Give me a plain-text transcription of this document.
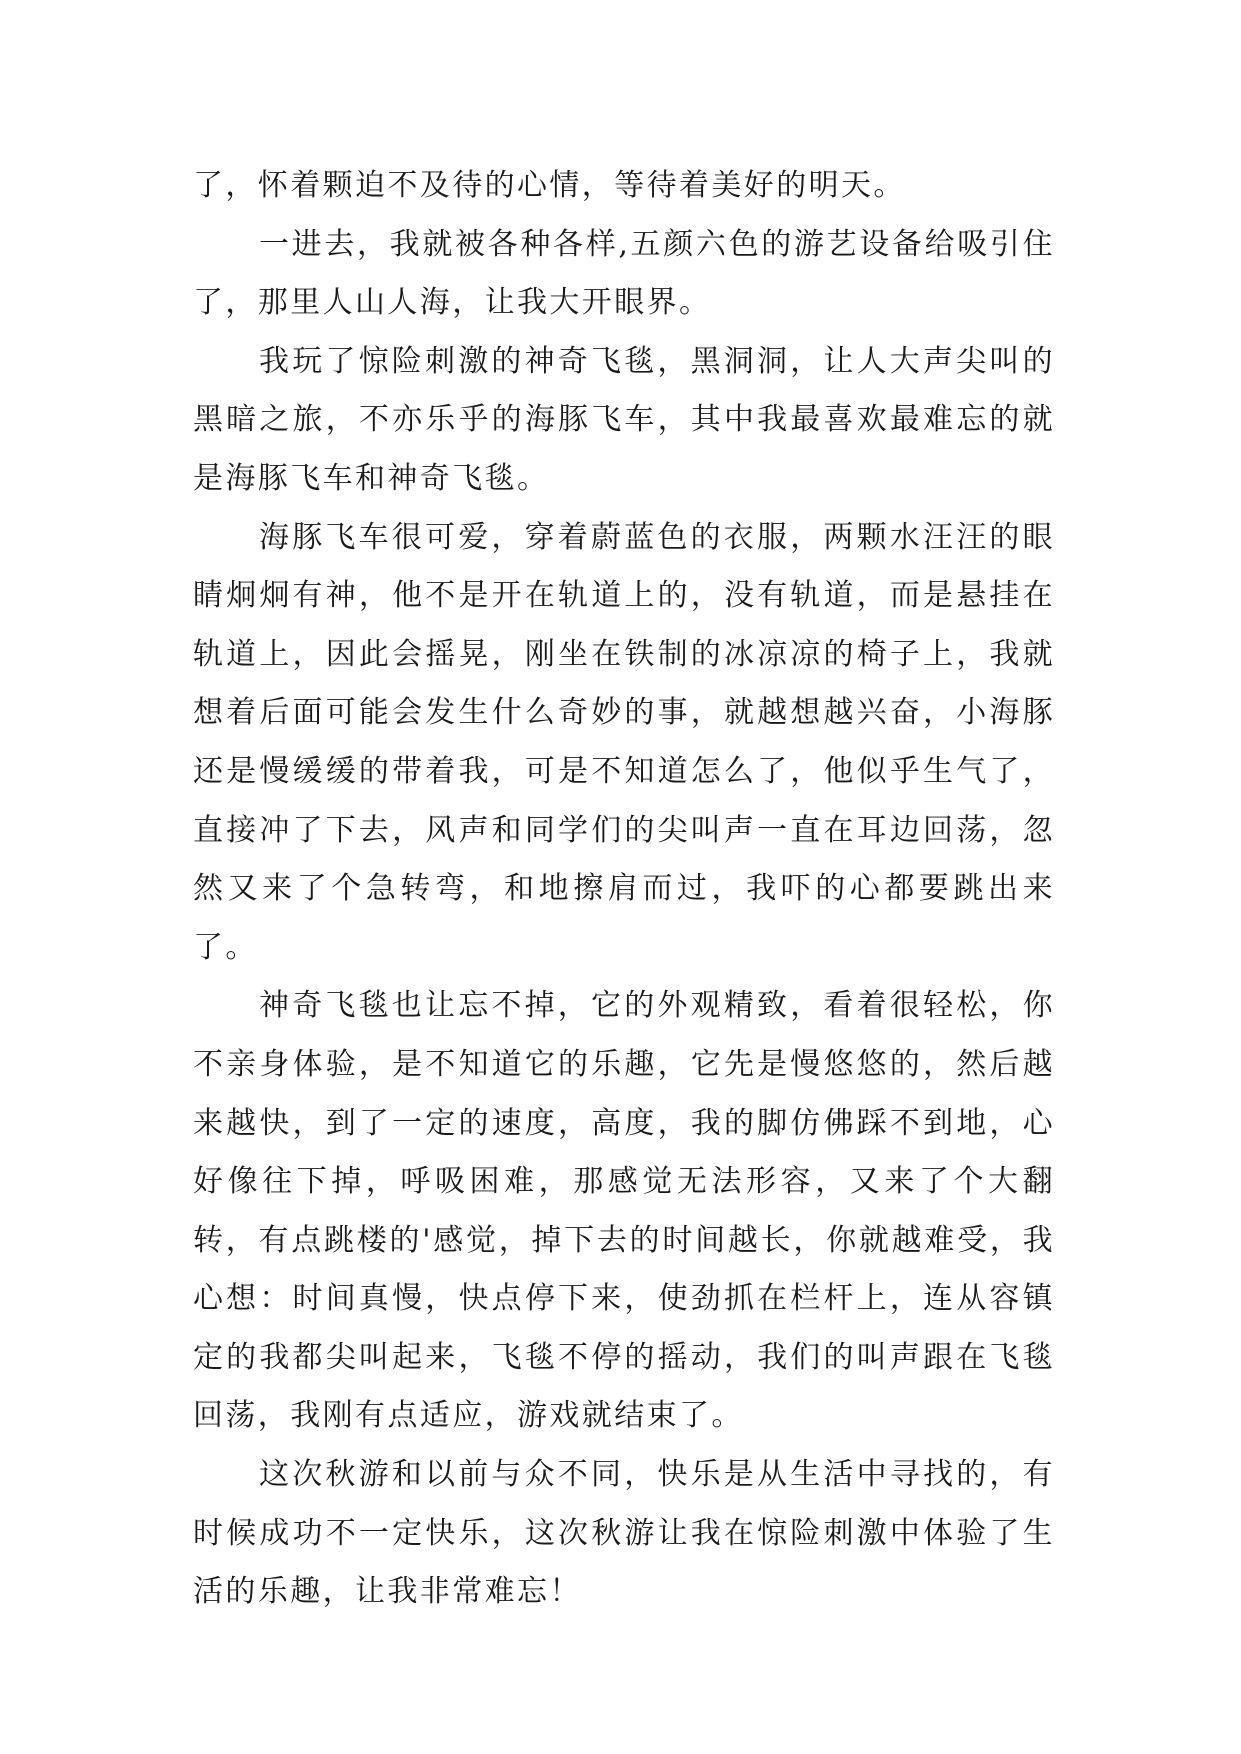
了，怀着颗迫不及待的心情，等待着美好的明天。

一进去，我就被各种各样,五颜六色的游艺设备给吸引住了，那里人山人海，让我大开眼界。

我玩了惊险刺激的神奇飞毯，黑洞洞，让人大声尖叫的黑暗之旅，不亦乐乎的海豚飞车，其中我最喜欢最难忘的就是海豚飞车和神奇飞毯。

海豚飞车很可爱，穿着蔚蓝色的衣服，两颗水汪汪的眼睛炯炯有神，他不是开在轨道上的，没有轨道，而是悬挂在轨道上，因此会摇晃，刚坐在铁制的冰凉凉的椅子上，我就想着后面可能会发生什么奇妙的事，就越想越兴奋，小海豚还是慢缓缓的带着我，可是不知道怎么了，他似乎生气了，直接冲了下去，风声和同学们的尖叫声一直在耳边回荡，忽然又来了个急转弯，和地擦肩而过，我吓的心都要跳出来了。

神奇飞毯也让忘不掉，它的外观精致，看着很轻松，你不亲身体验，是不知道它的乐趣，它先是慢悠悠的，然后越来越快，到了一定的速度，高度，我的脚仿佛踩不到地，心好像往下掉，呼吸困难，那感觉无法形容，又来了个大翻转，有点跳楼的'感觉，掉下去的时间越长，你就越难受，我心想：时间真慢，快点停下来，使劲抓在栏杆上，连从容镇定的我都尖叫起来，飞毯不停的摇动，我们的叫声跟在飞毯回荡，我刚有点适应，游戏就结束了。

这次秋游和以前与众不同，快乐是从生活中寻找的，有时候成功不一定快乐，这次秋游让我在惊险刺激中体验了生活的乐趣，让我非常难忘！
